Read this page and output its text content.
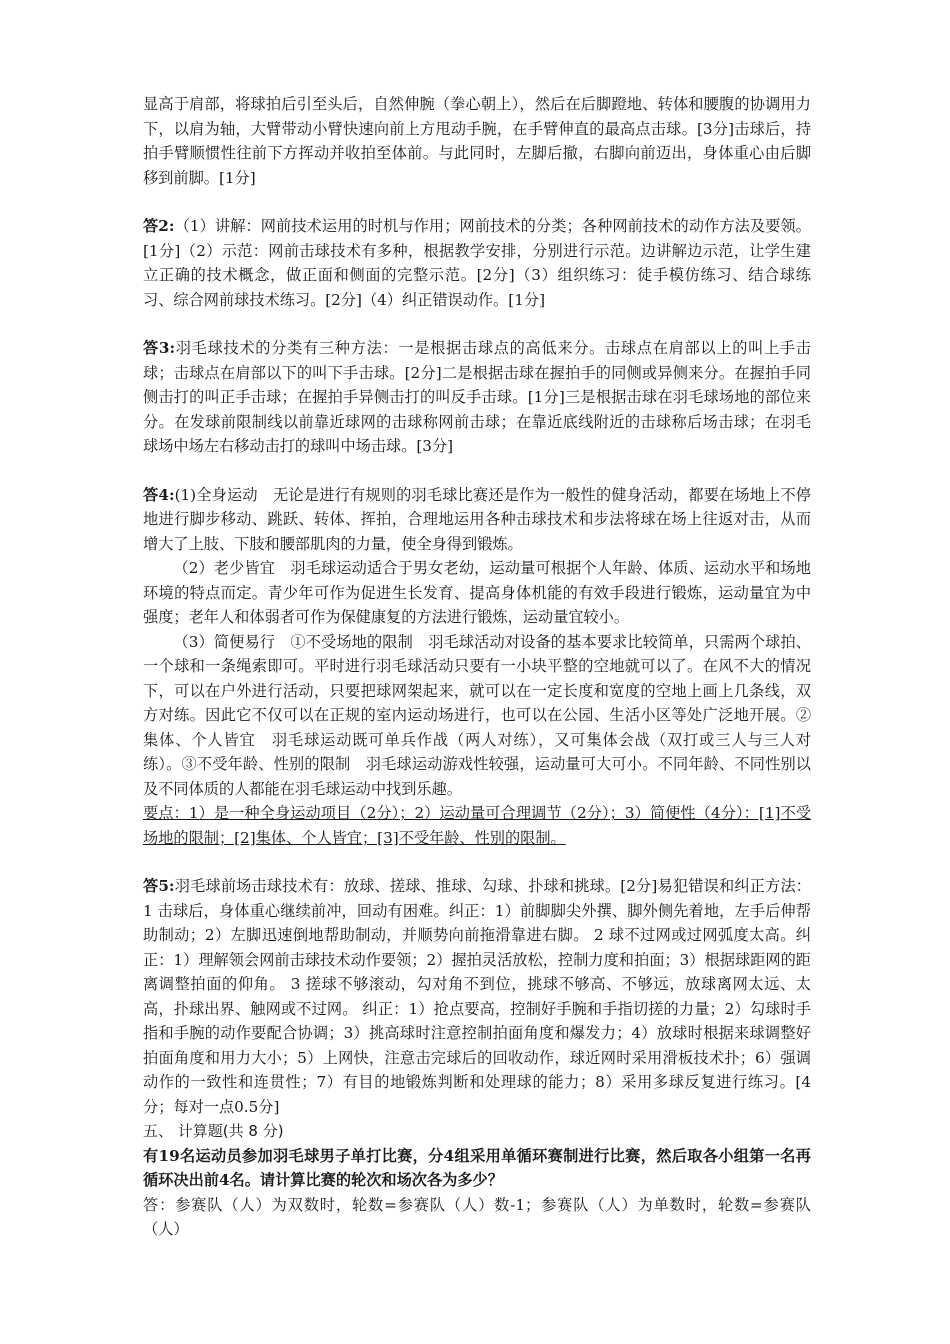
显高于肩部，将球拍后引至头后，自然伸腕（拳心朝上），然后在后脚蹬地、转体和腰腹的协调用力下，以肩为轴，大臂带动小臂快速向前上方甩动手腕，在手臂伸直的最高点击球。[3分]击球后，持拍手臂顺惯性往前下方挥动并收拍至体前。与此同时，左脚后撤，右脚向前迈出，身体重心由后脚移到前脚。[1分]

答2:（1）讲解：网前技术运用的时机与作用；网前技术的分类；各种网前技术的动作方法及要领。[1分]（2）示范：网前击球技术有多种，根据教学安排，分别进行示范。边讲解边示范，让学生建立正确的技术概念，做正面和侧面的完整示范。[2分]（3）组织练习：徒手模仿练习、结合球练习、综合网前球技术练习。[2分]（4）纠正错误动作。[1分]

答3:羽毛球技术的分类有三种方法：一是根据击球点的高低来分。击球点在肩部以上的叫上手击球；击球点在肩部以下的叫下手击球。[2分]二是根据击球在握拍手的同侧或异侧来分。在握拍手同侧击打的叫正手击球；在握拍手异侧击打的叫反手击球。[1分]三是根据击球在羽毛球场地的部位来分。在发球前限制线以前靠近球网的击球称网前击球；在靠近底线附近的击球称后场击球；在羽毛球场中场左右移动击打的球叫中场击球。[3分]

答4:(1)全身运动　无论是进行有规则的羽毛球比赛还是作为一般性的健身活动，都要在场地上不停地进行脚步移动、跳跃、转体、挥拍，合理地运用各种击球技术和步法将球在场上往返对击，从而增大了上肢、下肢和腰部肌肉的力量，使全身得到锻炼。

（2）老少皆宜　羽毛球运动适合于男女老幼，运动量可根据个人年龄、体质、运动水平和场地环境的特点而定。青少年可作为促进生长发育、提高身体机能的有效手段进行锻炼，运动量宜为中强度；老年人和体弱者可作为保健康复的方法进行锻炼，运动量宜较小。

（3）简便易行　①不受场地的限制　羽毛球活动对设备的基本要求比较简单，只需两个球拍、一个球和一条绳索即可。平时进行羽毛球活动只要有一小块平整的空地就可以了。在风不大的情况下，可以在户外进行活动，只要把球网架起来，就可以在一定长度和宽度的空地上画上几条线，双方对练。因此它不仅可以在正规的室内运动场进行，也可以在公园、生活小区等处广泛地开展。②集体、个人皆宜　羽毛球运动既可单兵作战（两人对练），又可集体会战（双打或三人与三人对练）。③不受年龄、性别的限制　羽毛球运动游戏性较强，运动量可大可小。不同年龄、不同性别以及不同体质的人都能在羽毛球运动中找到乐趣。

要点：1）是一种全身运动项目（2分）；2）运动量可合理调节（2分）；3）简便性（4分）：[1]不受场地的限制；[2]集体、个人皆宜；[3]不受年龄、性别的限制。

答5:羽毛球前场击球技术有：放球、搓球、推球、勾球、扑球和挑球。[2分]易犯错误和纠正方法：1 击球后，身体重心继续前冲，回动有困难。纠正：1）前脚脚尖外撰、脚外侧先着地，左手后伸帮助制动；2）左脚迅速倒地帮助制动，并顺势向前拖滑靠进右脚。 2 球不过网或过网弧度太高。纠正：1）理解领会网前击球技术动作要领；2）握拍灵活放松，控制力度和拍面；3）根据球距网的距离调整拍面的仰角。 3 搓球不够滚动，勾对角不到位，挑球不够高、不够远，放球离网太远、太高，扑球出界、触网或不过网。 纠正：1）抢点要高，控制好手腕和手指切搓的力量；2）勾球时手指和手腕的动作要配合协调；3）挑高球时注意控制拍面角度和爆发力；4）放球时根据来球调整好拍面角度和用力大小；5）上网快，注意击完球后的回收动作，球近网时采用滑板技术扑；6）强调动作的一致性和连贯性；7）有目的地锻炼判断和处理球的能力；8）采用多球反复进行练习。[4分；每对一点0.5分]

五、 计算题(共 8 分)

有19名运动员参加羽毛球男子单打比赛，分4组采用单循环赛制进行比赛，然后取各小组第一名再循环决出前4名。请计算比赛的轮次和场次各为多少？

答：参赛队（人）为双数时，轮数=参赛队（人）数-1；参赛队（人）为单数时，轮数=参赛队（人）
